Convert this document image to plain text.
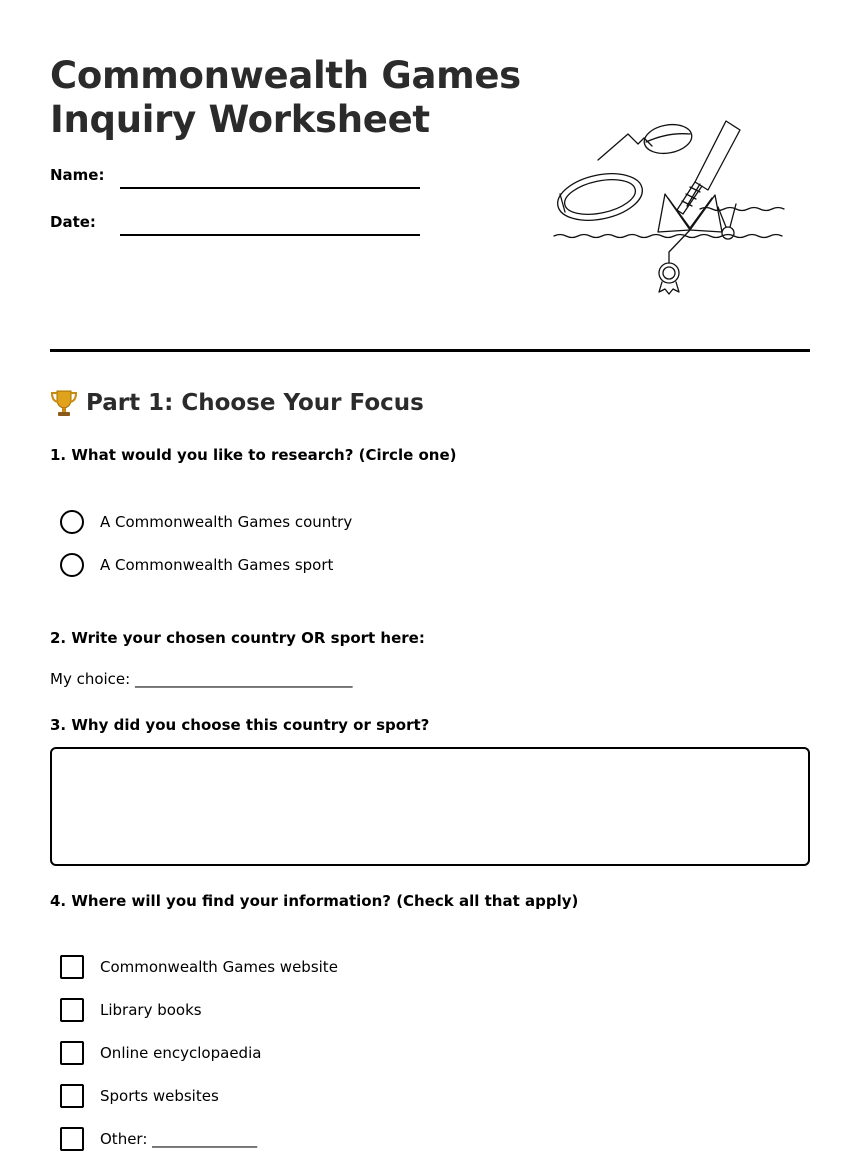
Commonwealth Games
Inquiry Worksheet
Name:
Date:
Part 1: Choose Your Focus

1. What would you like to research? (Circle one)

A Commonwealth Games country
A Commonwealth Games sport

2. Write your chosen country OR sport here:

My choice: _____________________________

3. Why did you choose this country or sport?

4. Where will you find your information? (Check all that apply)

Commonwealth Games website
Library books
Online encyclopaedia
Sports websites
Other: ______________
